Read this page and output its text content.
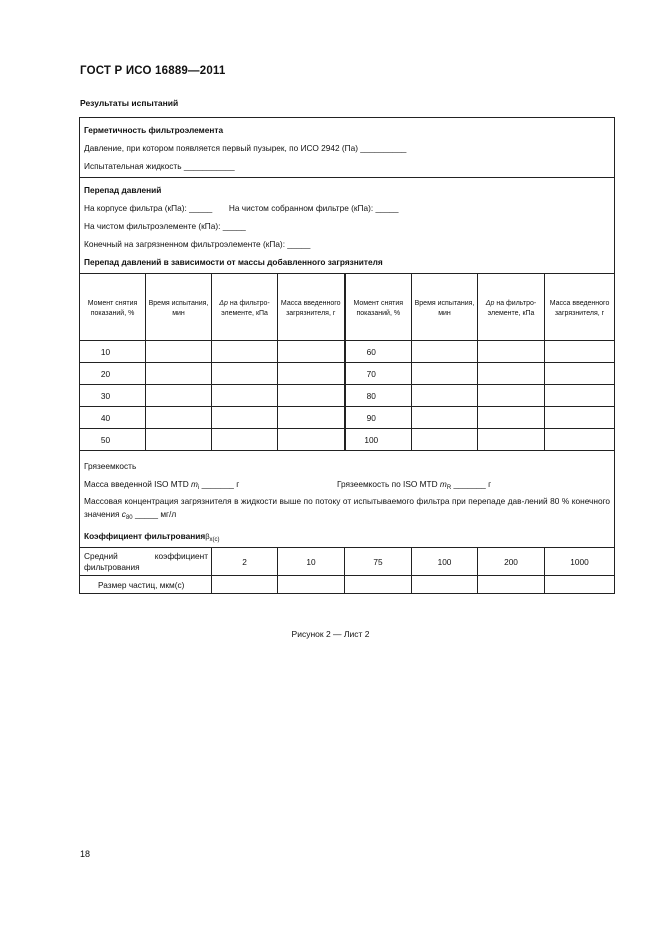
ГОСТ Р ИСО 16889—2011
Результаты испытаний
Герметичность фильтроэлемента
Давление, при котором появляется первый пузырек, по ИСО 2942 (Па) __________
Испытательная жидкость ___________							

Перепад давлений
На корпусе фильтра (кПа): _____ На чистом собранном фильтре (кПа): _____
На чистом фильтроэлементе (кПа): _____
Конечный на загрязненном фильтроэлементе (кПа): _____
Перепад давлений в зависимости от массы добавленного загрязнителя							

Момент снятия показаний, %	Время испытания, мин	Δp на фильтро-элементе, кПа	Масса введенного загрязнителя, г	Момент снятия показаний, %	Время испытания, мин	Δp на фильтро-элементе, кПа	Масса введенного загрязнителя, г

10				60			
20				70			
30				80			
40				90			
50				100			

Грязеемкость
Масса введенной ISO MTD $m_i$ _______ г Грязеемкость по ISO MTD $m_R$ _______ г
Массовая концентрация загрязнителя в жидкости выше по потоку от испытываемого фильтра при перепаде дав-лений 80 % конечного значения $c_{80}$ _____ мг/л
Коэффициент фильтрованияβ$_{x(c)}$

Средний коэффициент фильтрования		2	10	75	100	200	1000
Размер частиц, мкм(c)							
Рисунок 2 — Лист 2
18
